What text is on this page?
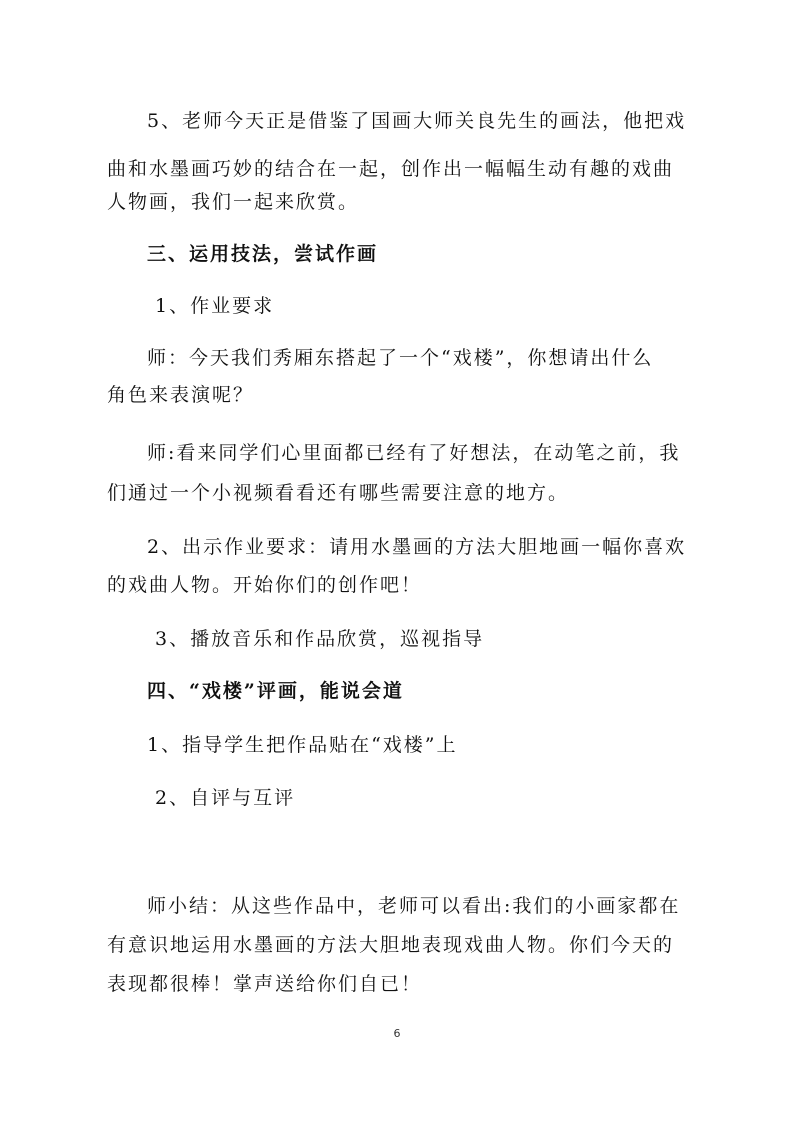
5、老师今天正是借鉴了国画大师关良先生的画法，他把戏
曲和水墨画巧妙的结合在一起，创作出一幅幅生动有趣的戏曲
人物画，我们一起来欣赏。
三、运用技法，尝试作画
1、作业要求
师：今天我们秀厢东搭起了一个“戏楼”，你想请出什么
角色来表演呢？
师:看来同学们心里面都已经有了好想法，在动笔之前，我
们通过一个小视频看看还有哪些需要注意的地方。
2、出示作业要求：请用水墨画的方法大胆地画一幅你喜欢
的戏曲人物。开始你们的创作吧！
3、播放音乐和作品欣赏，巡视指导
四、“戏楼”评画，能说会道
1、指导学生把作品贴在“戏楼”上
2、自评与互评
师小结：从这些作品中，老师可以看出:我们的小画家都在
有意识地运用水墨画的方法大胆地表现戏曲人物。你们今天的
表现都很棒！掌声送给你们自已！
6
